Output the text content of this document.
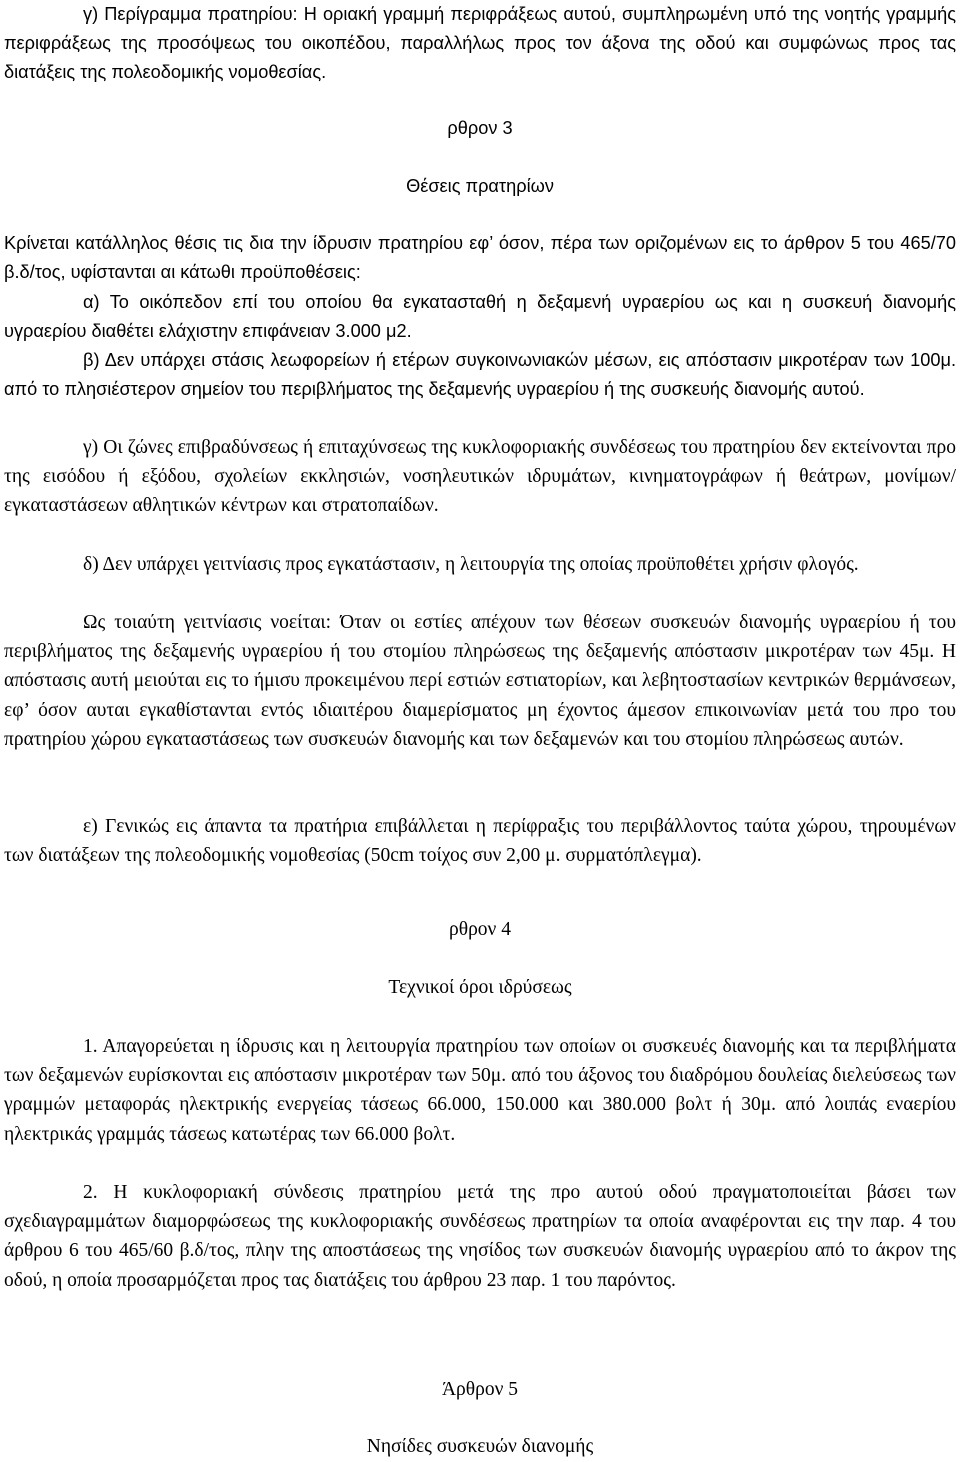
γ) Περίγραμμα πρατηρίου: Η οριακή γραμμή περιφράξεως αυτού, συμπληρωμένη υπό της νοητής γραμμής περιφράξεως της προσόψεως του οικοπέδου, παραλλήλως προς τον άξονα της οδού και συμφώνως προς τας διατάξεις της πολεοδομικής νομοθεσίας.

ρθρον 3

Θέσεις πρατηρίων

Κρίνεται κατάλληλος θέσις τις δια την ίδρυσιν πρατηρίου εφ’ όσον, πέρα των οριζομένων εις το άρθρον 5 του 465/70 β.δ/τος, υφίστανται αι κάτωθι προϋποθέσεις:

α) Το οικόπεδον επί του οποίου θα εγκατασταθή η δεξαμενή υγραερίου ως και η συσκευή διανομής υγραερίου διαθέτει ελάχιστην επιφάνειαν 3.000 μ2.

β) Δεν υπάρχει στάσις λεωφορείων ή ετέρων συγκοινωνιακών μέσων, εις απόστασιν μικροτέραν των 100μ. από το πλησιέστερον σημείον του περιβλήματος της δεξαμενής υγραερίου ή της συσκευής διανομής αυτού.

γ) Οι ζώνες επιβραδύνσεως ή επιταχύνσεως της κυκλοφοριακής συνδέσεως του πρατηρίου δεν εκτείνονται προ της εισόδου ή εξόδου, σχολείων εκκλησιών, νοσηλευτικών ιδρυμάτων, κινηματογράφων ή θεάτρων, μονίμων/εγκαταστάσεων αθλητικών κέντρων και στρατοπαίδων.

δ) Δεν υπάρχει γειτνίασις προς εγκατάστασιν, η λειτουργία της οποίας προϋποθέτει χρήσιν φλογός.

Ως τοιαύτη γειτνίασις νοείται: Όταν οι εστίες απέχουν των θέσεων συσκευών διανομής υγραερίου ή του περιβλήματος της δεξαμενής υγραερίου ή του στομίου πληρώσεως της δεξαμενής απόστασιν μικροτέραν των 45μ. Η απόστασις αυτή μειούται εις το ήμισυ προκειμένου περί εστιών εστιατορίων, και λεβητοστασίων κεντρικών θερμάνσεων, εφ’ όσον αυται εγκαθίστανται εντός ιδιαιτέρου διαμερίσματος μη έχοντος άμεσον επικοινωνίαν μετά του προ του πρατηρίου χώρου εγκαταστάσεως των συσκευών διανομής και των δεξαμενών και του στομίου πληρώσεως αυτών.

ε) Γενικώς εις άπαντα τα πρατήρια επιβάλλεται η περίφραξις του περιβάλλοντος ταύτα χώρου, τηρουμένων των διατάξεων της πολεοδομικής νομοθεσίας (50cm τοίχος συν 2,00 μ. συρματόπλεγμα).

ρθρον 4

Τεχνικοί όροι ιδρύσεως

1. Απαγορεύεται η ίδρυσις και η λειτουργία πρατηρίου των οποίων οι συσκευές διανομής και τα περιβλήματα των δεξαμενών ευρίσκονται εις απόστασιν μικροτέραν των 50μ. από του άξονος του διαδρόμου δουλείας διελεύσεως των γραμμών μεταφοράς ηλεκτρικής ενεργείας τάσεως 66.000, 150.000 και 380.000 βολτ ή 30μ. από λοιπάς εναερίου ηλεκτρικάς γραμμάς τάσεως κατωτέρας των 66.000 βολτ.

2. Η κυκλοφοριακή σύνδεσις πρατηρίου μετά της προ αυτού οδού πραγματοποιείται βάσει των σχεδιαγραμμάτων διαμορφώσεως της κυκλοφοριακής συνδέσεως πρατηρίων τα οποία αναφέρονται εις την παρ. 4 του άρθρου 6 του 465/60 β.δ/τος, πλην της αποστάσεως της νησίδος των συσκευών διανομής υγραερίου από το άκρον της οδού, η οποία προσαρμόζεται προς τας διατάξεις του άρθρου 23 παρ. 1 του παρόντος.

Άρθρον 5

Νησίδες συσκευών διανομής
